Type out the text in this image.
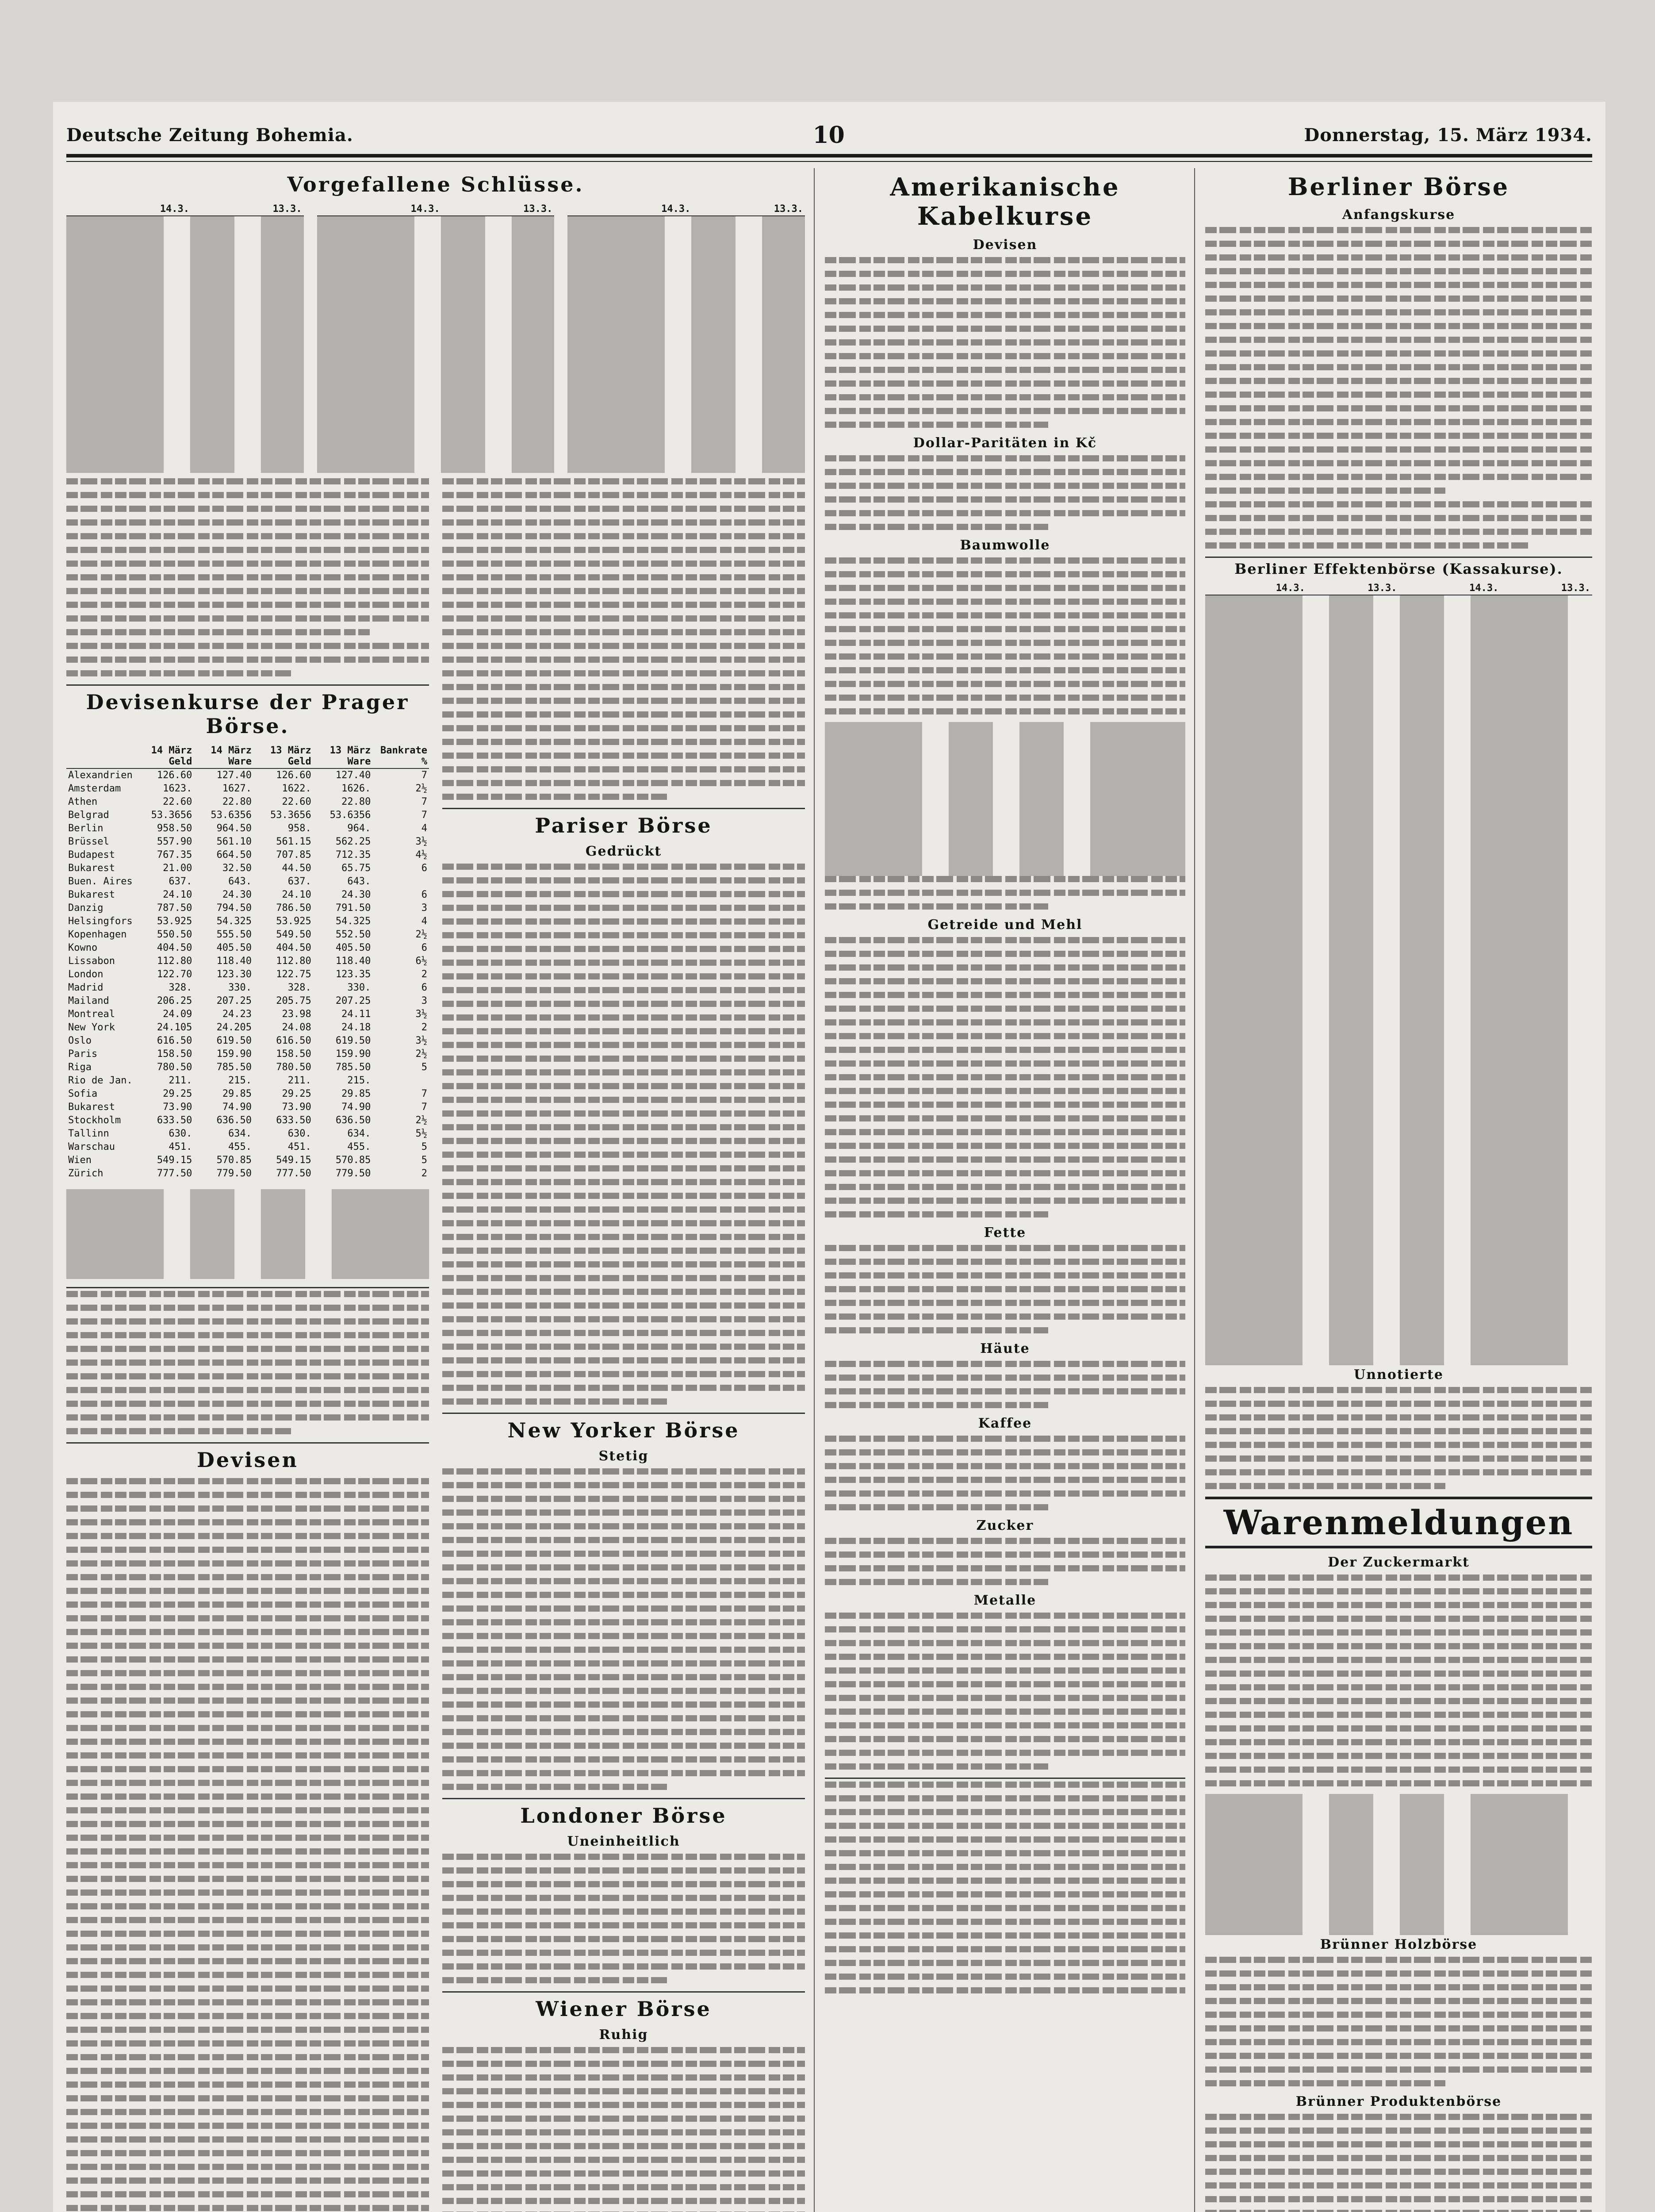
Deutsche Zeitung Bohemia.	10	Donnerstag, 15. März 1934.
Vorgefallene Schlüsse.
	14.3.	13.3.
		14.3.	13.3.
		14.3.	13.3.
Devisenkurse der Prager Börse.
	14 März Geld	14 März Ware	13 März Geld	13 März Ware	Bankrate %
Alexandrien	126.60	127.40	126.60	127.40	7
Amsterdam	1623.	1627.	1622.	1626.	2½
Athen	22.60	22.80	22.60	22.80	7
Belgrad	53.3656	53.6356	53.3656	53.6356	7
Berlin	958.50	964.50	958.	964.	4
Brüssel	557.90	561.10	561.15	562.25	3½
Budapest	767.35	664.50	707.85	712.35	4½
Bukarest	21.00	32.50	44.50	65.75	6
Buen. Aires	637.	643.	637.	643.	
Bukarest	24.10	24.30	24.10	24.30	6
Danzig	787.50	794.50	786.50	791.50	3
Helsingfors	53.925	54.325	53.925	54.325	4
Kopenhagen	550.50	555.50	549.50	552.50	2½
Kowno	404.50	405.50	404.50	405.50	6
Lissabon	112.80	118.40	112.80	118.40	6½
London	122.70	123.30	122.75	123.35	2
Madrid	328.	330.	328.	330.	6
Mailand	206.25	207.25	205.75	207.25	3
Montreal	24.09	24.23	23.98	24.11	3½
New York	24.105	24.205	24.08	24.18	2
Oslo	616.50	619.50	616.50	619.50	3½
Paris	158.50	159.90	158.50	159.90	2½
Riga	780.50	785.50	780.50	785.50	5
Rio de Jan.	211.	215.	211.	215.	
Sofia	29.25	29.85	29.25	29.85	7
Bukarest	73.90	74.90	73.90	74.90	7
Stockholm	633.50	636.50	633.50	636.50	2½
Tallinn	630.	634.	630.	634.	5½
Warschau	451.	455.	451.	455.	5
Wien	549.15	570.85	549.15	570.85	5
Zürich	777.50	779.50	777.50	779.50	2
Devisen
Pariser Börse
Gedrückt
New Yorker Börse
Stetig
Londoner Börse
Uneinheitlich
Wiener Börse
Ruhig
Amerikanische Kabelkurse
Devisen
Dollar-Paritäten in Kč
Baumwolle
Getreide und Mehl
Fette
Häute
Kaffee
Zucker
Metalle
Berliner Börse
Anfangskurse
Berliner Effektenbörse (Kassakurse).
	14.3.	13.3.		14.3.	13.3.
Unnotierte
Warenmeldungen
Der Zuckermarkt
Brünner Holzbörse
Brünner Produktenbörse
